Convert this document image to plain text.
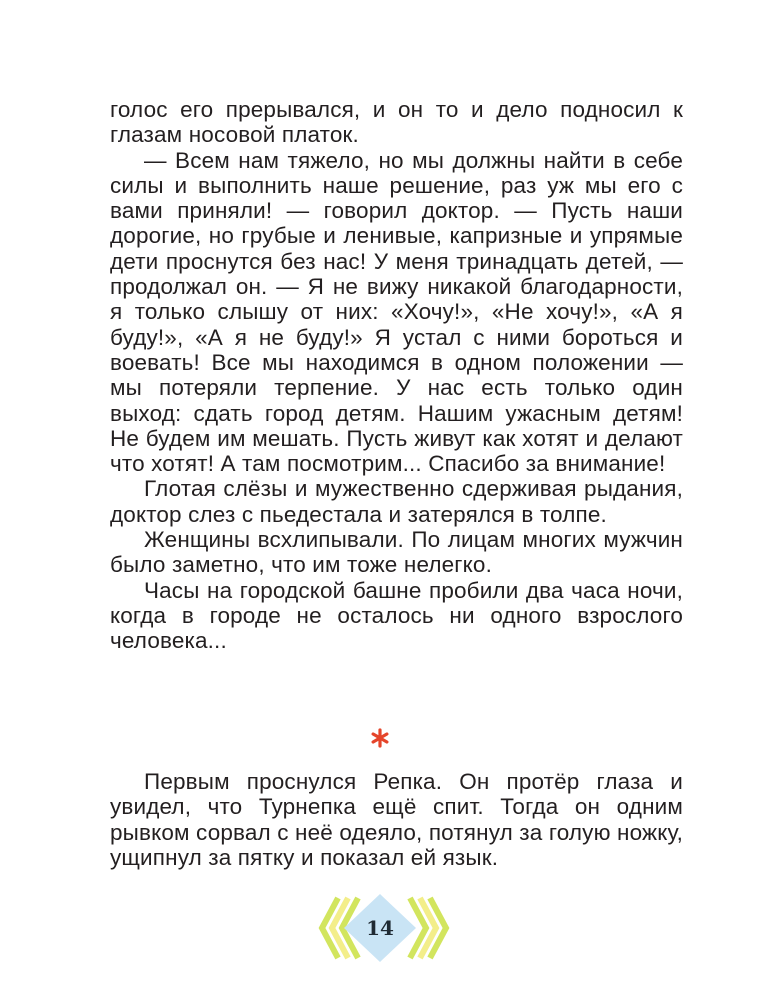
голос его прерывался, и он то и дело подносил к глазам носовой платок.

— Всем нам тяжело, но мы должны найти в себе силы и выполнить наше решение, раз уж мы его с вами приняли! — говорил доктор. — Пусть наши дорогие, но грубые и ленивые, капризные и упрямые дети проснутся без нас! У меня тринадцать детей, — продолжал он. — Я не вижу никакой благодарности, я только слышу от них: «Хочу!», «Не хочу!», «А я буду!», «А я не буду!» Я устал с ними бороться и воевать! Все мы находимся в одном положении — мы потеряли терпение. У нас есть только один выход: сдать город детям. Нашим ужасным детям! Не будем им мешать. Пусть живут как хотят и делают что хотят! А там посмотрим... Спасибо за внимание!

Глотая слёзы и мужественно сдерживая рыдания, доктор слез с пьедестала и затерялся в толпе.

Женщины всхлипывали. По лицам многих мужчин было заметно, что им тоже нелегко.

Часы на городской башне пробили два часа ночи, когда в городе не осталось ни одного взрослого человека...

Первым проснулся Репка. Он протёр глаза и увидел, что Турнепка ещё спит. Тогда он одним рывком сорвал с неё одеяло, потянул за голую ножку, ущипнул за пятку и показал ей язык.

14
